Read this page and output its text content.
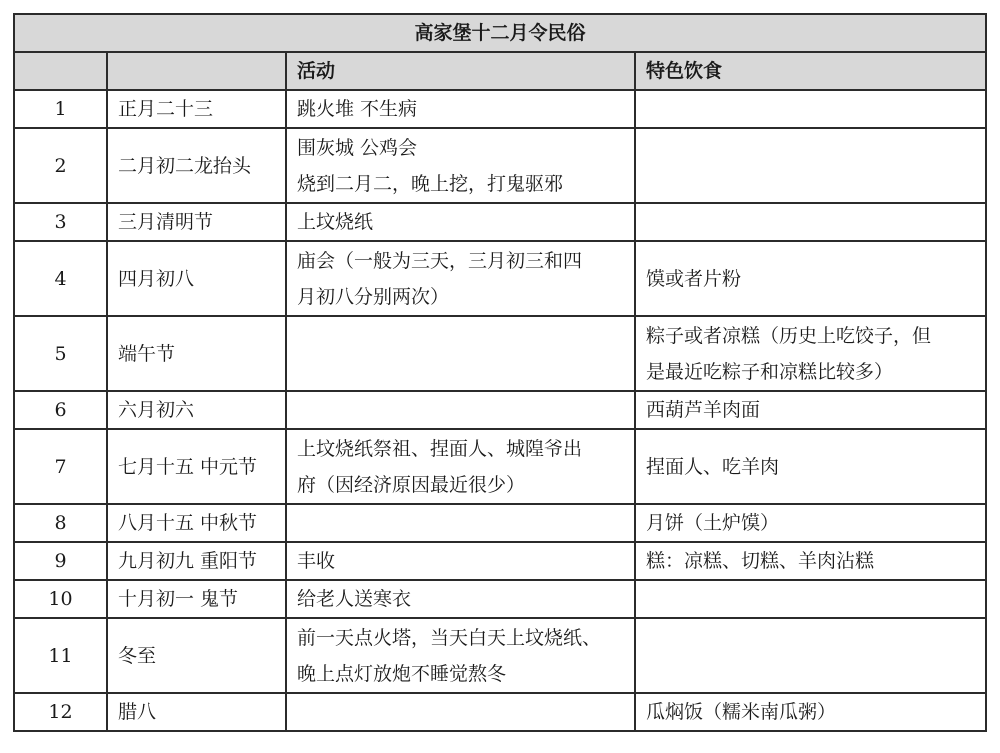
高家堡十二月令民俗			
		活动	特色饮食
1	正月二十三	跳火堆 不生病	

2	二月初二龙抬头	围灰城 公鸡会
烧到二月二，晚上挖，打鬼驱邪	

3	三月清明节	上坟烧纸	

4	四月初八	庙会（一般为三天，三月初三和四
月初八分别两次）	馍或者片粉

5	端午节		粽子或者凉糕（历史上吃饺子，但
是最近吃粽子和凉糕比较多）

6	六月初六		西葫芦羊肉面

7	七月十五 中元节	上坟烧纸祭祖、捏面人、城隍爷出
府（因经济原因最近很少）	捏面人、吃羊肉

8	八月十五 中秋节		月饼（土炉馍）

9	九月初九 重阳节	丰收	糕：凉糕、切糕、羊肉沾糕

10	十月初一 鬼节	给老人送寒衣	

11	冬至	前一天点火塔，当天白天上坟烧纸、
晚上点灯放炮不睡觉熬冬	

12	腊八		瓜焖饭（糯米南瓜粥）
